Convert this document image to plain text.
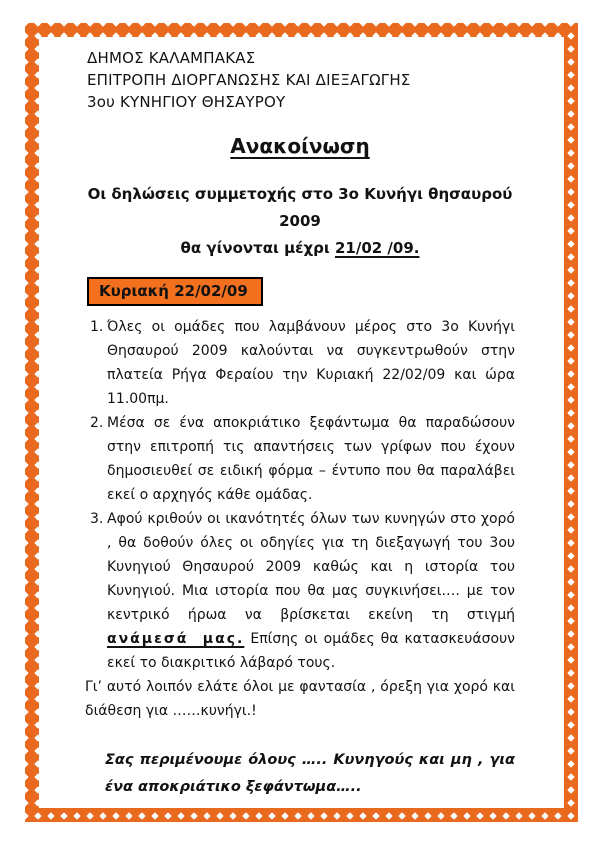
ΔΗΜΟΣ ΚΑΛΑΜΠΑΚΑΣ
ΕΠΙΤΡΟΠΗ ΔΙΟΡΓΑΝΩΣΗΣ ΚΑΙ ΔΙΕΞΑΓΩΓΗΣ
3ου ΚΥΝΗΓΙΟΥ ΘΗΣΑΥΡΟΥ
Ανακοίνωση
Οι δηλώσεις συμμετοχής στο 3ο Κυνήγι θησαυρού 2009
θα γίνονται μέχρι 21/02 /09.
Κυριακή 22/02/09
1. Όλες οι ομάδες που λαμβάνουν μέρος στο 3ο Κυνήγι Θησαυρού 2009 καλούνται να συγκεντρωθούν στην πλατεία Ρήγα Φεραίου την Κυριακή 22/02/09 και ώρα 11.00πμ.
2. Μέσα σε ένα αποκριάτικο ξεφάντωμα θα παραδώσουν στην επιτροπή τις απαντήσεις των γρίφων που έχουν δημοσιευθεί σε ειδική φόρμα – έντυπο που θα παραλάβει εκεί ο αρχηγός κάθε ομάδας.
3. Αφού κριθούν οι ικανότητές όλων των κυνηγών στο χορό , θα δοθούν όλες οι οδηγίες για τη διεξαγωγή του 3ου Κυνηγιού Θησαυρού 2009 καθώς και η ιστορία του Κυνηγιού. Μια ιστορία που θα μας συγκινήσει…. με τον κεντρικό ήρωα να βρίσκεται εκείνη τη στιγμή ανάμεσά μας. Επίσης οι ομάδες θα κατασκευάσουν εκεί το διακριτικό λάβαρό τους.
Γι’ αυτό λοιπόν ελάτε όλοι με φαντασία , όρεξη για χορό και διάθεση για ……κυνήγι.!
Σας περιμένουμε όλους ….. Κυνηγούς και μη , για ένα αποκριάτικο ξεφάντωμα…..
